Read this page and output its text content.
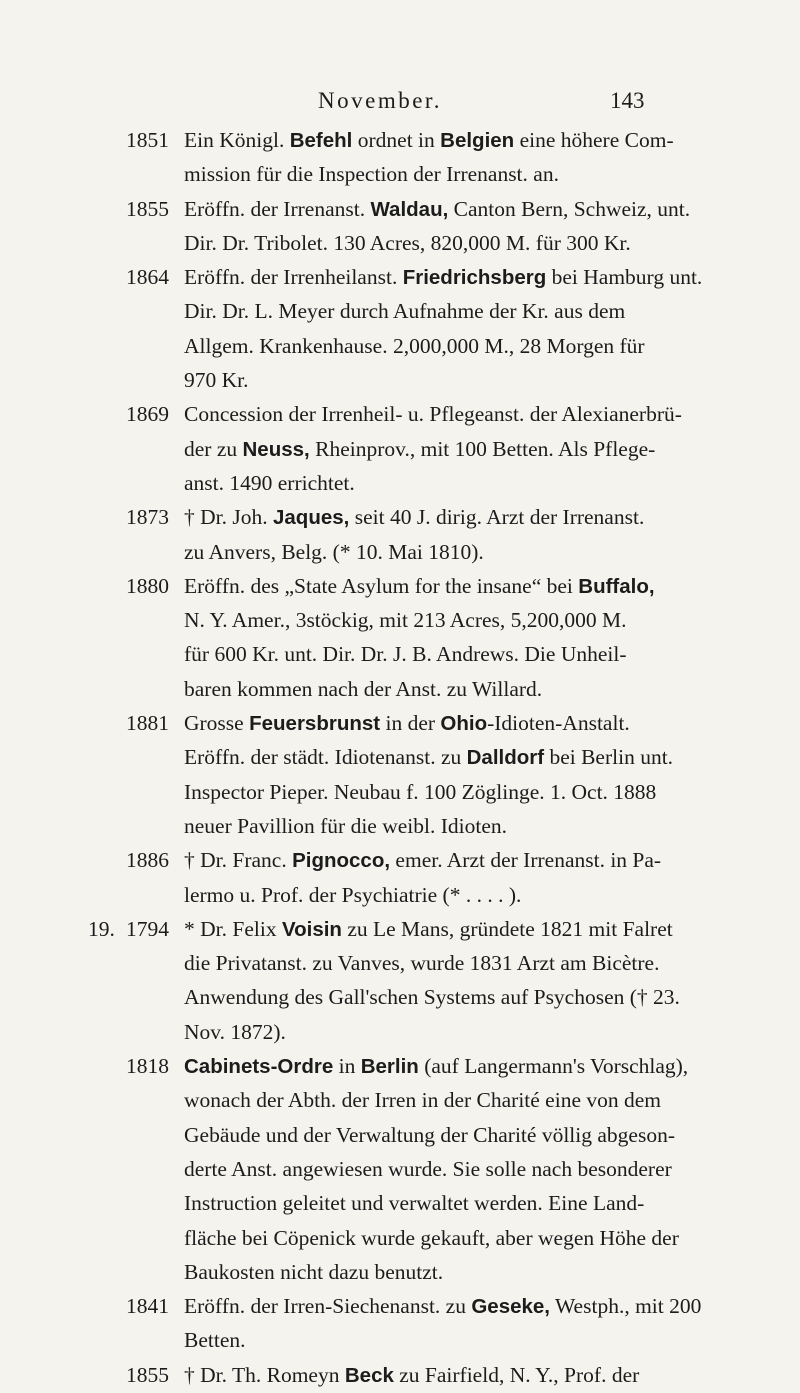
November.	143
1851 Ein Königl. Befehl ordnet in Belgien eine höhere Com-
mission für die Inspection der Irrenanst. an.
1855 Eröffn. der Irrenanst. Waldau, Canton Bern, Schweiz, unt.
Dir. Dr. Tribolet. 130 Acres, 820,000 M. für 300 Kr.
1864 Eröffn. der Irrenheilanst. Friedrichsberg bei Hamburg unt.
Dir. Dr. L. Meyer durch Aufnahme der Kr. aus dem
Allgem. Krankenhause. 2,000,000 M., 28 Morgen für
970 Kr.
1869 Concession der Irrenheil- u. Pflegeanst. der Alexianerbrü-
der zu Neuss, Rheinprov., mit 100 Betten. Als Pflege-
anst. 1490 errichtet.
1873 † Dr. Joh. Jaques, seit 40 J. dirig. Arzt der Irrenanst.
zu Anvers, Belg. (* 10. Mai 1810).
1880 Eröffn. des „State Asylum for the insane“ bei Buffalo,
N. Y. Amer., 3stöckig, mit 213 Acres, 5,200,000 M.
für 600 Kr. unt. Dir. Dr. J. B. Andrews. Die Unheil-
baren kommen nach der Anst. zu Willard.
1881 Grosse Feuersbrunst in der Ohio-Idioten-Anstalt.
Eröffn. der städt. Idiotenanst. zu Dalldorf bei Berlin unt.
Inspector Pieper. Neubau f. 100 Zöglinge. 1. Oct. 1888
neuer Pavillion für die weibl. Idioten.
1886 † Dr. Franc. Pignocco, emer. Arzt der Irrenanst. in Pa-
lermo u. Prof. der Psychiatrie (* . . . . ).
19. 1794 * Dr. Felix Voisin zu Le Mans, gründete 1821 mit Falret
die Privatanst. zu Vanves, wurde 1831 Arzt am Bicètre.
Anwendung des Gall'schen Systems auf Psychosen († 23.
Nov. 1872).
1818 Cabinets-Ordre in Berlin (auf Langermann's Vorschlag),
wonach der Abth. der Irren in der Charité eine von dem
Gebäude und der Verwaltung der Charité völlig abgeson-
derte Anst. angewiesen wurde. Sie solle nach besonderer
Instruction geleitet und verwaltet werden. Eine Land-
fläche bei Cöpenick wurde gekauft, aber wegen Höhe der
Baukosten nicht dazu benutzt.
1841 Eröffn. der Irren-Siechenanst. zu Geseke, Westph., mit 200
Betten.
1855 † Dr. Th. Romeyn Beck zu Fairfield, N. Y., Prof. der
